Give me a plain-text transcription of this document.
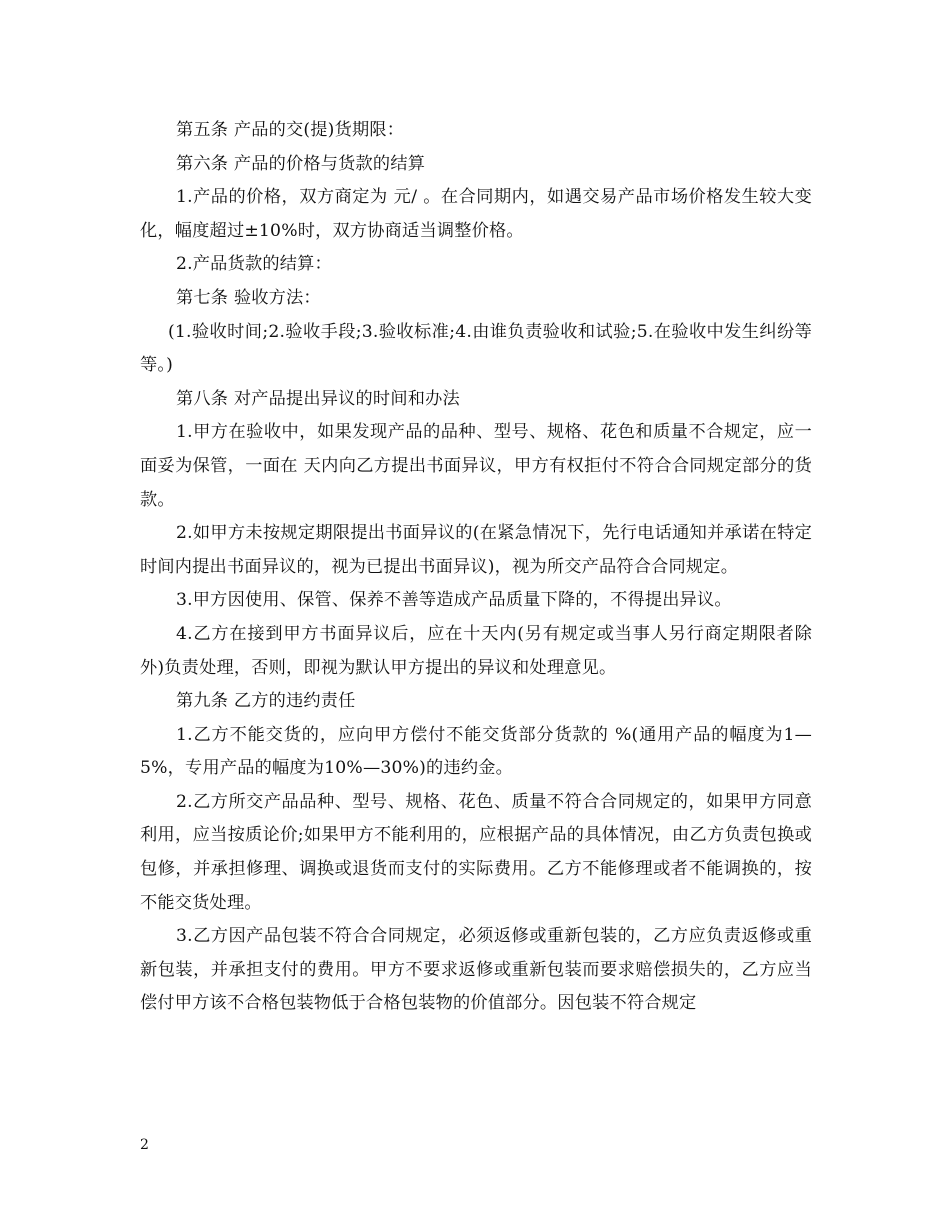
第五条 产品的交(提)货期限：

第六条 产品的价格与货款的结算

1.产品的价格，双方商定为 元/ 。在合同期内，如遇交易产品市场价格发生较大变化，幅度超过±10%时，双方协商适当调整价格。

2.产品货款的结算：

第七条 验收方法：

(1.验收时间;2.验收手段;3.验收标准;4.由谁负责验收和试验;5.在验收中发生纠纷等等。)

第八条 对产品提出异议的时间和办法

1.甲方在验收中，如果发现产品的品种、型号、规格、花色和质量不合规定，应一面妥为保管，一面在 天内向乙方提出书面异议，甲方有权拒付不符合合同规定部分的货款。

2.如甲方未按规定期限提出书面异议的(在紧急情况下，先行电话通知并承诺在特定时间内提出书面异议的，视为已提出书面异议)，视为所交产品符合合同规定。

3.甲方因使用、保管、保养不善等造成产品质量下降的，不得提出异议。

4.乙方在接到甲方书面异议后，应在十天内(另有规定或当事人另行商定期限者除外)负责处理，否则，即视为默认甲方提出的异议和处理意见。

第九条 乙方的违约责任

1.乙方不能交货的，应向甲方偿付不能交货部分货款的 %(通用产品的幅度为1—5%，专用产品的幅度为10%—30%)的违约金。

2.乙方所交产品品种、型号、规格、花色、质量不符合合同规定的，如果甲方同意利用，应当按质论价;如果甲方不能利用的，应根据产品的具体情况，由乙方负责包换或包修，并承担修理、调换或退货而支付的实际费用。乙方不能修理或者不能调换的，按不能交货处理。

3.乙方因产品包装不符合合同规定，必须返修或重新包装的，乙方应负责返修或重新包装，并承担支付的费用。甲方不要求返修或重新包装而要求赔偿损失的，乙方应当偿付甲方该不合格包装物低于合格包装物的价值部分。因包装不符合规定

2
